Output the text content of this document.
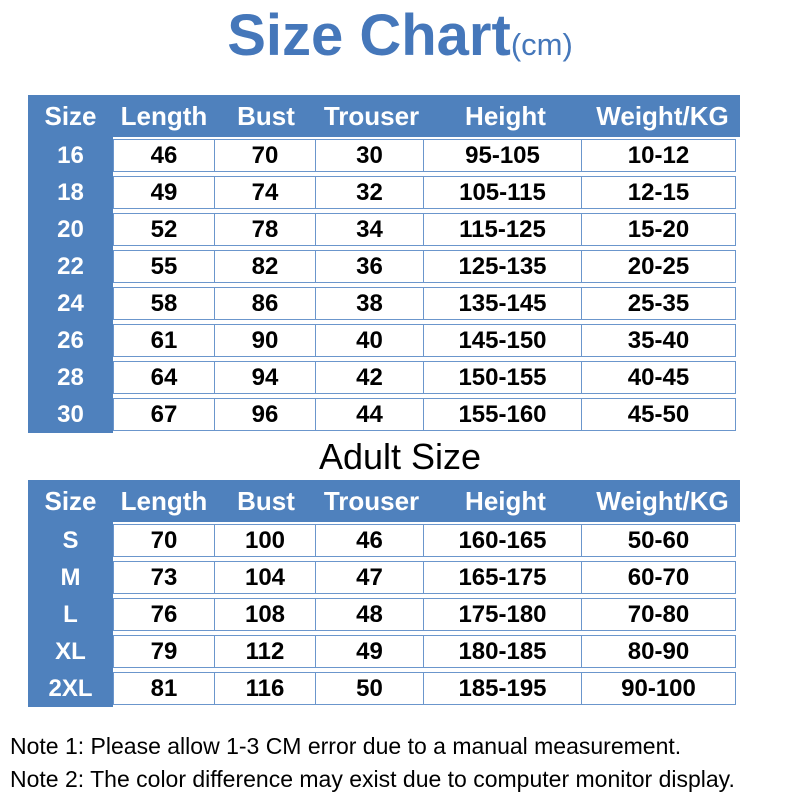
Size Chart(cm)
Size Length	Bust	Trouser	Height	Weight/KG
16	46	70	30	95-105	10-12
18	49	74	32	105-115	12-15
20	52	78	34	115-125	15-20
22	55	82	36	125-135	20-25
24	58	86	38	135-145	25-35
26	61	90	40	145-150	35-40
28	64	94	42	150-155	40-45
30	67	96	44	155-160	45-50
Adult Size
Size Length	Bust	Trouser	Height	Weight/KG
S	70	100	46	160-165	50-60
M	73	104	47	165-175	60-70
L	76	108	48	175-180	70-80
XL	79	112	49	180-185	80-90
2XL	81	116	50	185-195	90-100
Note 1: Please allow 1-3 CM error due to a manual measurement.
Note 2: The color difference may exist due to computer monitor display.
